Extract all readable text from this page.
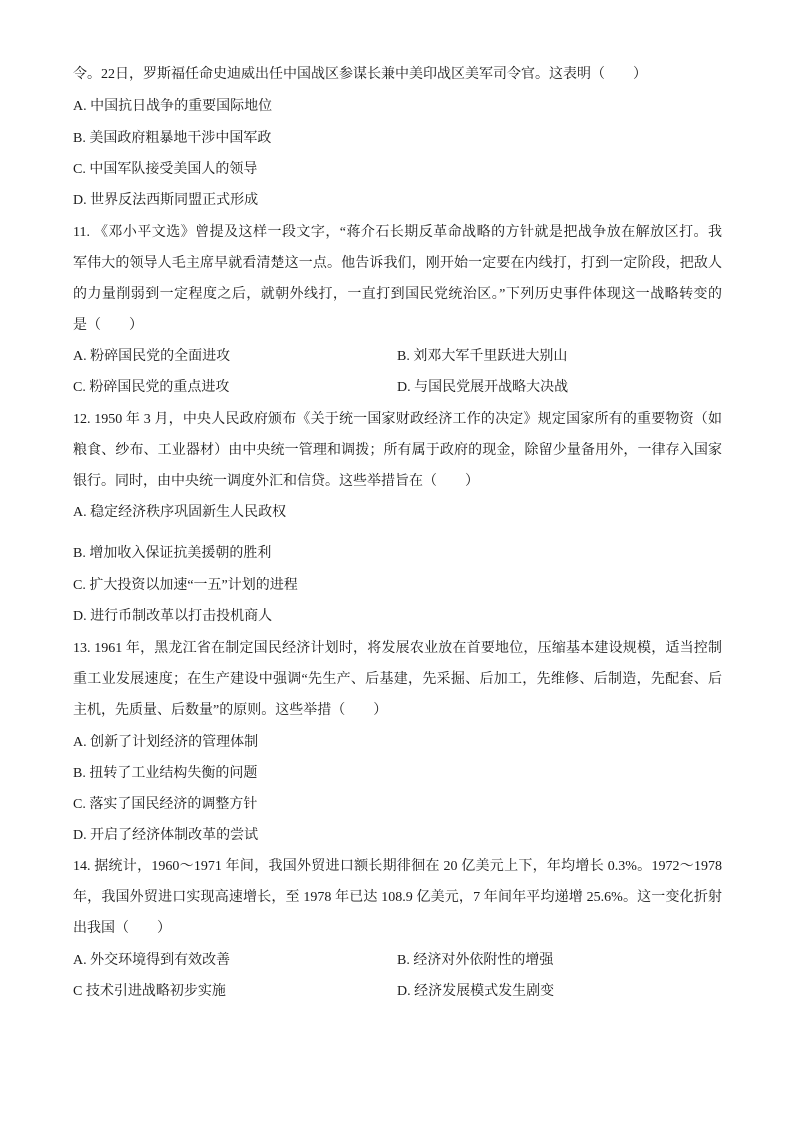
令。22日，罗斯福任命史迪威出任中国战区参谋长兼中美印战区美军司令官。这表明（　　）
A. 中国抗日战争的重要国际地位
B. 美国政府粗暴地干涉中国军政
C. 中国军队接受美国人的领导
D. 世界反法西斯同盟正式形成
11. 《邓小平文选》曾提及这样一段文字，“蒋介石长期反革命战略的方针就是把战争放在解放区打。我
军伟大的领导人毛主席早就看清楚这一点。他告诉我们，刚开始一定要在内线打，打到一定阶段，把敌人
的力量削弱到一定程度之后，就朝外线打，一直打到国民党统治区。”下列历史事件体现这一战略转变的
是（　　）
A. 粉碎国民党的全面进攻	B. 刘邓大军千里跃进大别山
C. 粉碎国民党的重点进攻	D. 与国民党展开战略大决战
12. 1950 年 3 月，中央人民政府颁布《关于统一国家财政经济工作的决定》规定国家所有的重要物资（如
粮食、纱布、工业器材）由中央统一管理和调拨；所有属于政府的现金，除留少量备用外，一律存入国家
银行。同时，由中央统一调度外汇和信贷。这些举措旨在（　　）
A. 稳定经济秩序巩固新生人民政权
B. 增加收入保证抗美援朝的胜利
C. 扩大投资以加速“一五”计划的进程
D. 进行币制改革以打击投机商人
13. 1961 年，黑龙江省在制定国民经济计划时，将发展农业放在首要地位，压缩基本建设规模，适当控制
重工业发展速度；在生产建设中强调“先生产、后基建，先采掘、后加工，先维修、后制造，先配套、后
主机，先质量、后数量”的原则。这些举措（　　）
A. 创新了计划经济的管理体制
B. 扭转了工业结构失衡的问题
C. 落实了国民经济的调整方针
D. 开启了经济体制改革的尝试
14. 据统计，1960～1971 年间，我国外贸进口额长期徘徊在 20 亿美元上下，年均增长 0.3%。1972～1978
年，我国外贸进口实现高速增长，至 1978 年已达 108.9 亿美元，7 年间年平均递增 25.6%。这一变化折射
出我国（　　）
A. 外交环境得到有效改善	B. 经济对外依附性的增强
C 技术引进战略初步实施	D. 经济发展模式发生剧变
